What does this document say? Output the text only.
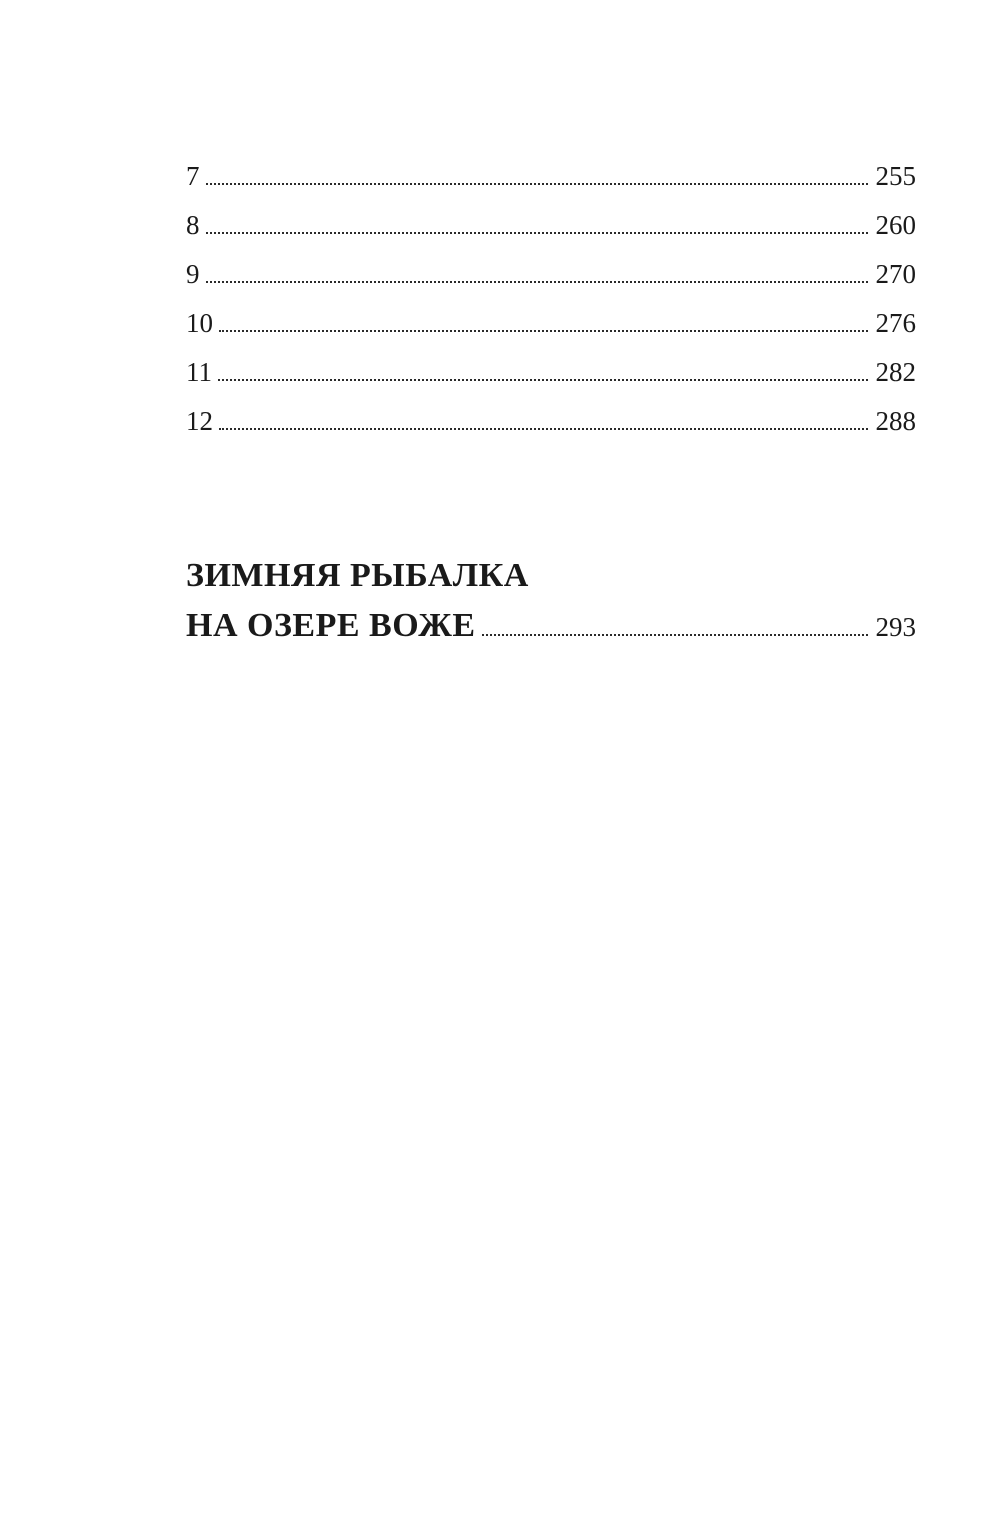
7	255
8	260
9	270
10	276
11	282
12	288
ЗИМНЯЯ РЫБАЛКА
НА ОЗЕРЕ ВОЖЕ	293
